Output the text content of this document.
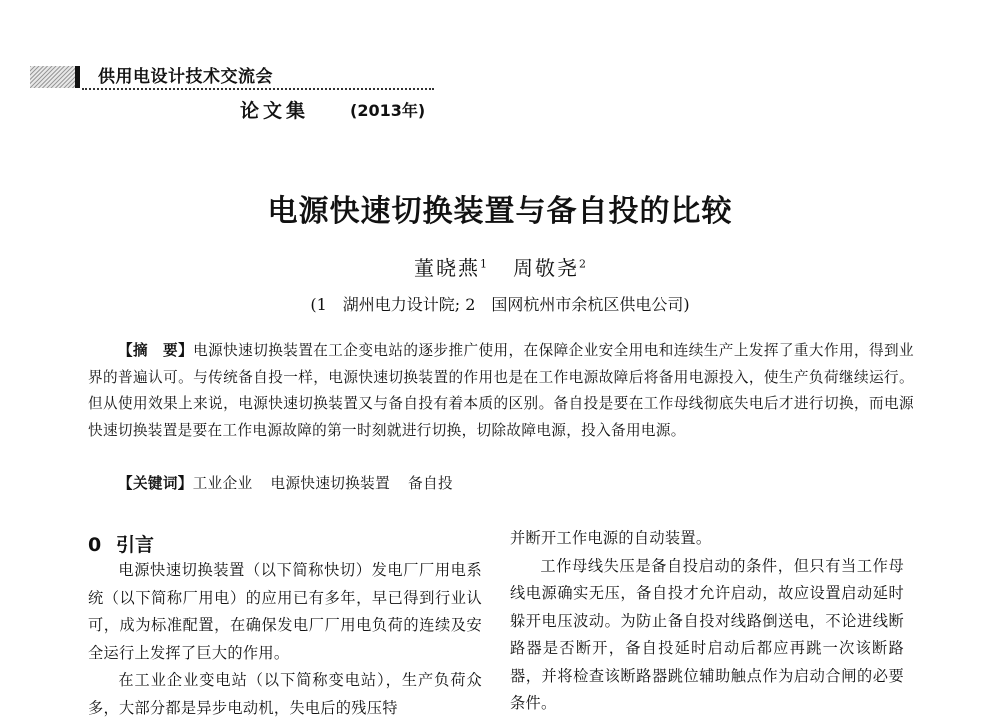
供用电设计技术交流会
论文集	(2013年)
电源快速切换装置与备自投的比较
董晓燕$^1$ 周敬尧$^2$
(1　湖州电力设计院; 2　国网杭州市余杭区供电公司)

【摘　要】电源快速切换装置在工企变电站的逐步推广使用，在保障企业安全用电和连续生产上发挥了重大作用，得到业界的普遍认可。与传统备自投一样，电源快速切换装置的作用也是在工作电源故障后将备用电源投入，使生产负荷继续运行。但从使用效果上来说，电源快速切换装置又与备自投有着本质的区别。备自投是要在工作母线彻底失电后才进行切换，而电源快速切换装置是要在工作电源故障的第一时刻就进行切换，切除故障电源，投入备用电源。

【关键词】工业企业 电源快速切换装置 备自投

0 引言

电源快速切换装置（以下简称快切）发电厂厂用电系统（以下简称厂用电）的应用已有多年，早已得到行业认可，成为标准配置，在确保发电厂厂用电负荷的连续及安全运行上发挥了巨大的作用。

在工业企业变电站（以下简称变电站），生产负荷众多，大部分都是异步电动机，失电后的残压特

并断开工作电源的自动装置。

工作母线失压是备自投启动的条件，但只有当工作母线电源确实无压，备自投才允许启动，故应设置启动延时躲开电压波动。为防止备自投对线路倒送电，不论进线断路器是否断开，备自投延时启动后都应再跳一次该断路器，并将检查该断路器跳位辅助触点作为启动合闸的必要条件。
